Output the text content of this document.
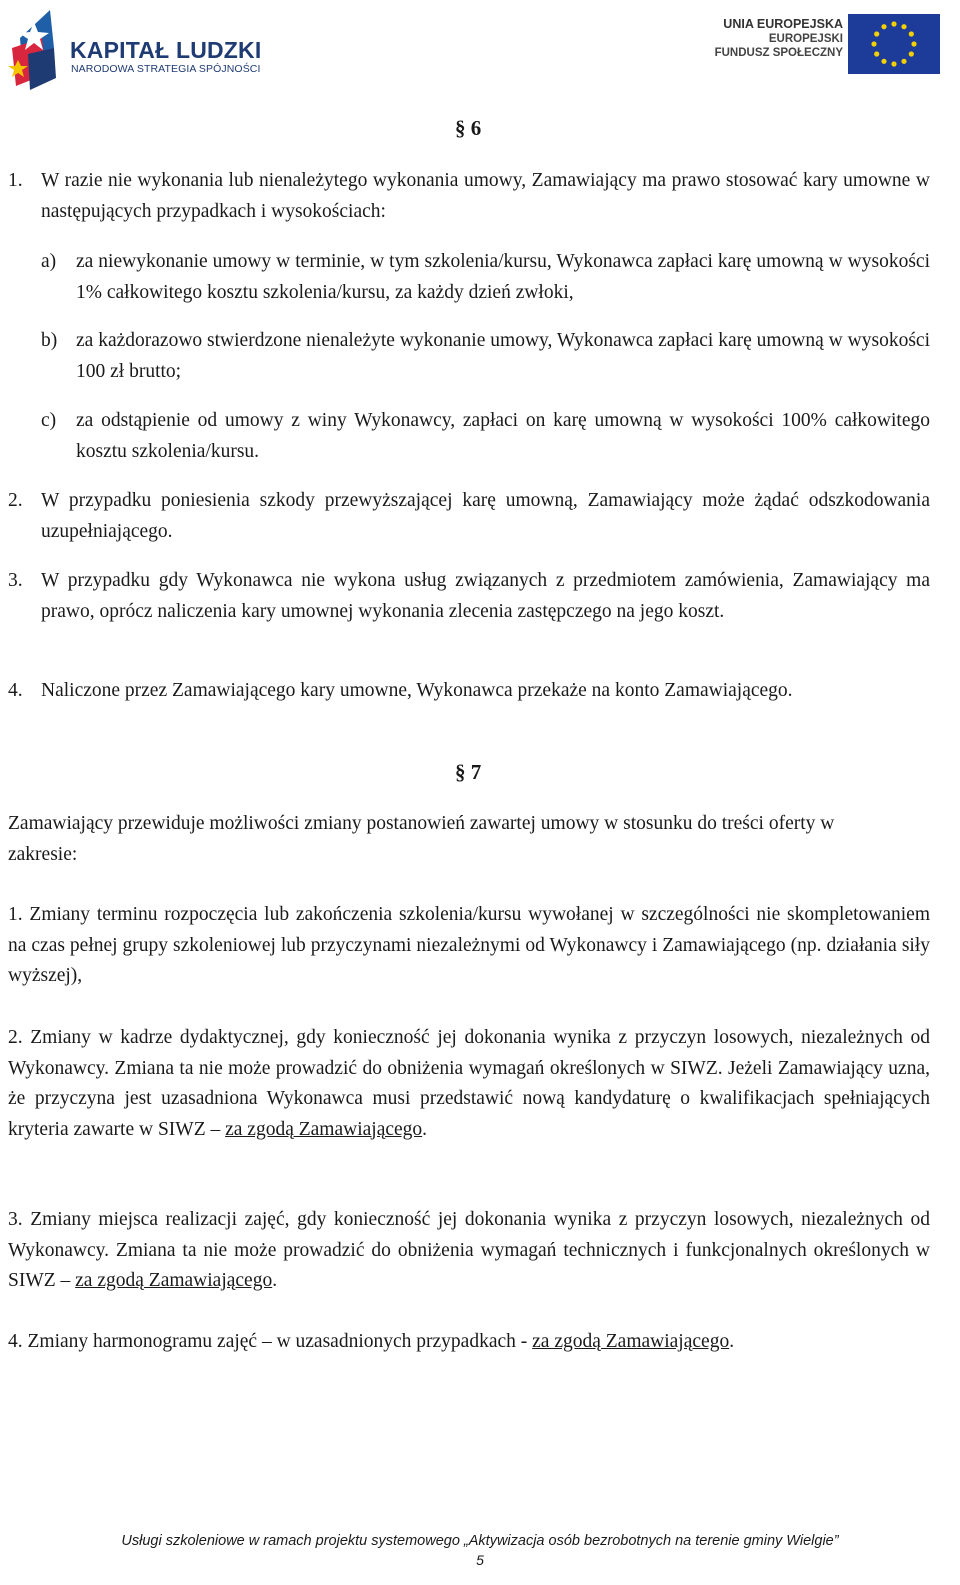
KAPITAŁ LUDZKI
NARODOWA STRATEGIA SPÓJNOŚCI
UNIA EUROPEJSKA
EUROPEJSKI
FUNDUSZ SPOŁECZNY
§ 6
1. W razie nie wykonania lub nienależytego wykonania umowy, Zamawiający ma prawo stosować kary umowne w następujących przypadkach i wysokościach:
a) za niewykonanie umowy w terminie, w tym szkolenia/kursu, Wykonawca zapłaci karę umowną w wysokości 1% całkowitego kosztu szkolenia/kursu, za każdy dzień zwłoki,
b) za każdorazowo stwierdzone nienależyte wykonanie umowy, Wykonawca zapłaci karę umowną w wysokości 100 zł brutto;
c) za odstąpienie od umowy z winy Wykonawcy, zapłaci on karę umowną w wysokości 100% całkowitego kosztu szkolenia/kursu.
2. W przypadku poniesienia szkody przewyższającej karę umowną, Zamawiający może żądać odszkodowania uzupełniającego.
3. W przypadku gdy Wykonawca nie wykona usług związanych z przedmiotem zamówienia, Zamawiający ma prawo, oprócz naliczenia kary umownej wykonania zlecenia zastępczego na jego koszt.
4. Naliczone przez Zamawiającego kary umowne, Wykonawca przekaże na konto Zamawiającego.
§ 7
Zamawiający przewiduje możliwości zmiany postanowień zawartej umowy w stosunku do treści oferty w zakresie:
1. Zmiany terminu rozpoczęcia lub zakończenia szkolenia/kursu wywołanej w szczególności nie skompletowaniem na czas pełnej grupy szkoleniowej lub przyczynami niezależnymi od Wykonawcy i Zamawiającego (np. działania siły wyższej),
2. Zmiany w kadrze dydaktycznej, gdy konieczność jej dokonania wynika z przyczyn losowych, niezależnych od Wykonawcy. Zmiana ta nie może prowadzić do obniżenia wymagań określonych w SIWZ. Jeżeli Zamawiający uzna, że przyczyna jest uzasadniona Wykonawca musi przedstawić nową kandydaturę o kwalifikacjach spełniających kryteria zawarte w SIWZ – za zgodą Zamawiającego.
3. Zmiany miejsca realizacji zajęć, gdy konieczność jej dokonania wynika z przyczyn losowych, niezależnych od Wykonawcy. Zmiana ta nie może prowadzić do obniżenia wymagań technicznych i funkcjonalnych określonych w SIWZ – za zgodą Zamawiającego.
4. Zmiany harmonogramu zajęć – w uzasadnionych przypadkach - za zgodą Zamawiającego.
Usługi szkoleniowe w ramach projektu systemowego „Aktywizacja osób bezrobotnych na terenie gminy Wielgie”
5
